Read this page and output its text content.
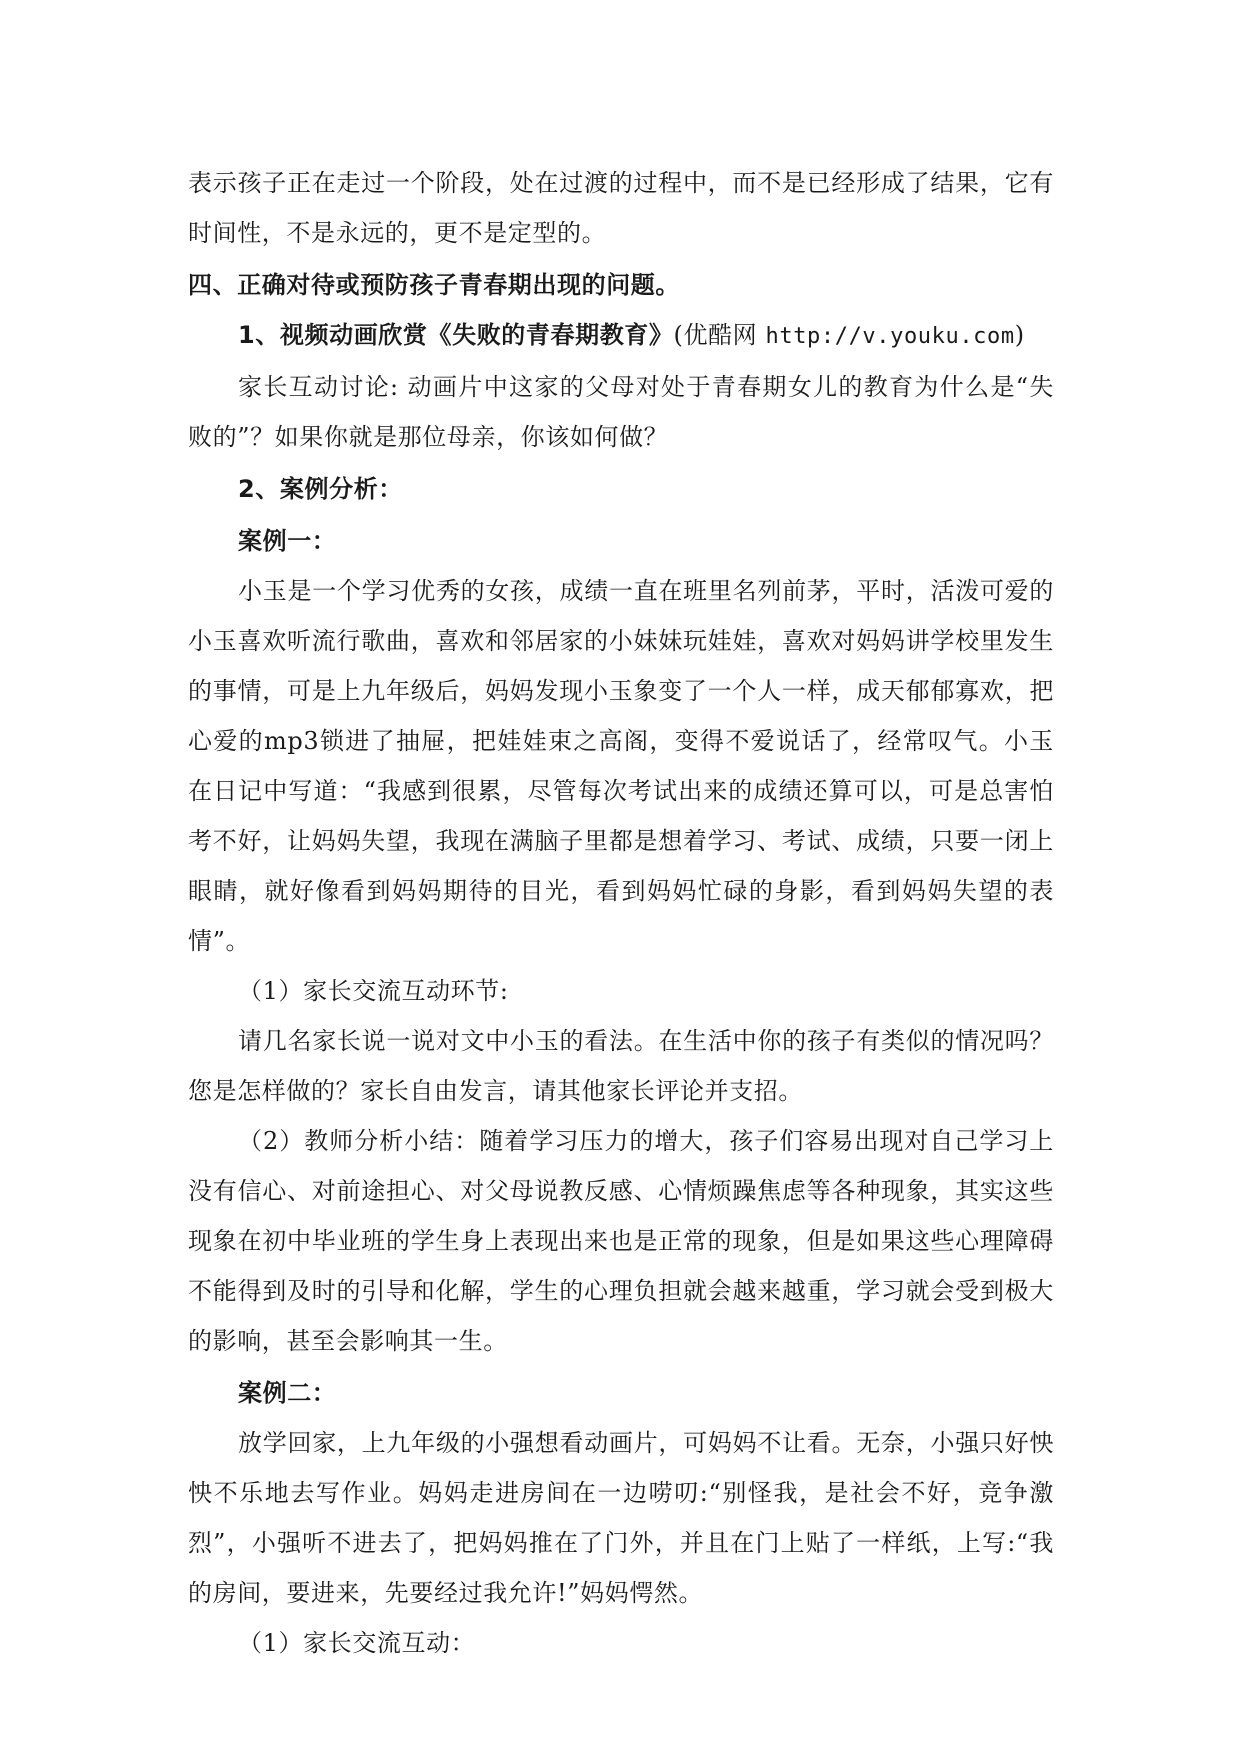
表示孩子正在走过一个阶段，处在过渡的过程中，而不是已经形成了结果，它有时间性，不是永远的，更不是定型的。

四、正确对待或预防孩子青春期出现的问题。

1、视频动画欣赏《失败的青春期教育》(优酷网 http://v.youku.com)

家长互动讨论: 动画片中这家的父母对处于青春期女儿的教育为什么是“失败的”？如果你就是那位母亲，你该如何做？

2、案例分析：

案例一：

小玉是一个学习优秀的女孩，成绩一直在班里名列前茅，平时，活泼可爱的小玉喜欢听流行歌曲，喜欢和邻居家的小妹妹玩娃娃，喜欢对妈妈讲学校里发生的事情，可是上九年级后，妈妈发现小玉象变了一个人一样，成天郁郁寡欢，把心爱的mp3锁进了抽屉，把娃娃束之高阁，变得不爱说话了，经常叹气。小玉在日记中写道：“我感到很累，尽管每次考试出来的成绩还算可以，可是总害怕考不好，让妈妈失望，我现在满脑子里都是想着学习、考试、成绩，只要一闭上眼睛，就好像看到妈妈期待的目光，看到妈妈忙碌的身影，看到妈妈失望的表情”。

（1）家长交流互动环节:

请几名家长说一说对文中小玉的看法。在生活中你的孩子有类似的情况吗？您是怎样做的？家长自由发言，请其他家长评论并支招。

（2）教师分析小结：随着学习压力的增大，孩子们容易出现对自己学习上没有信心、对前途担心、对父母说教反感、心情烦躁焦虑等各种现象，其实这些现象在初中毕业班的学生身上表现出来也是正常的现象，但是如果这些心理障碍不能得到及时的引导和化解，学生的心理负担就会越来越重，学习就会受到极大的影响，甚至会影响其一生。

案例二：

放学回家，上九年级的小强想看动画片，可妈妈不让看。无奈，小强只好怏怏不乐地去写作业。妈妈走进房间在一边唠叨:“别怪我，是社会不好，竞争激烈”，小强听不进去了，把妈妈推在了门外，并且在门上贴了一样纸，上写:“我的房间，要进来，先要经过我允许!”妈妈愕然。

（1）家长交流互动：
